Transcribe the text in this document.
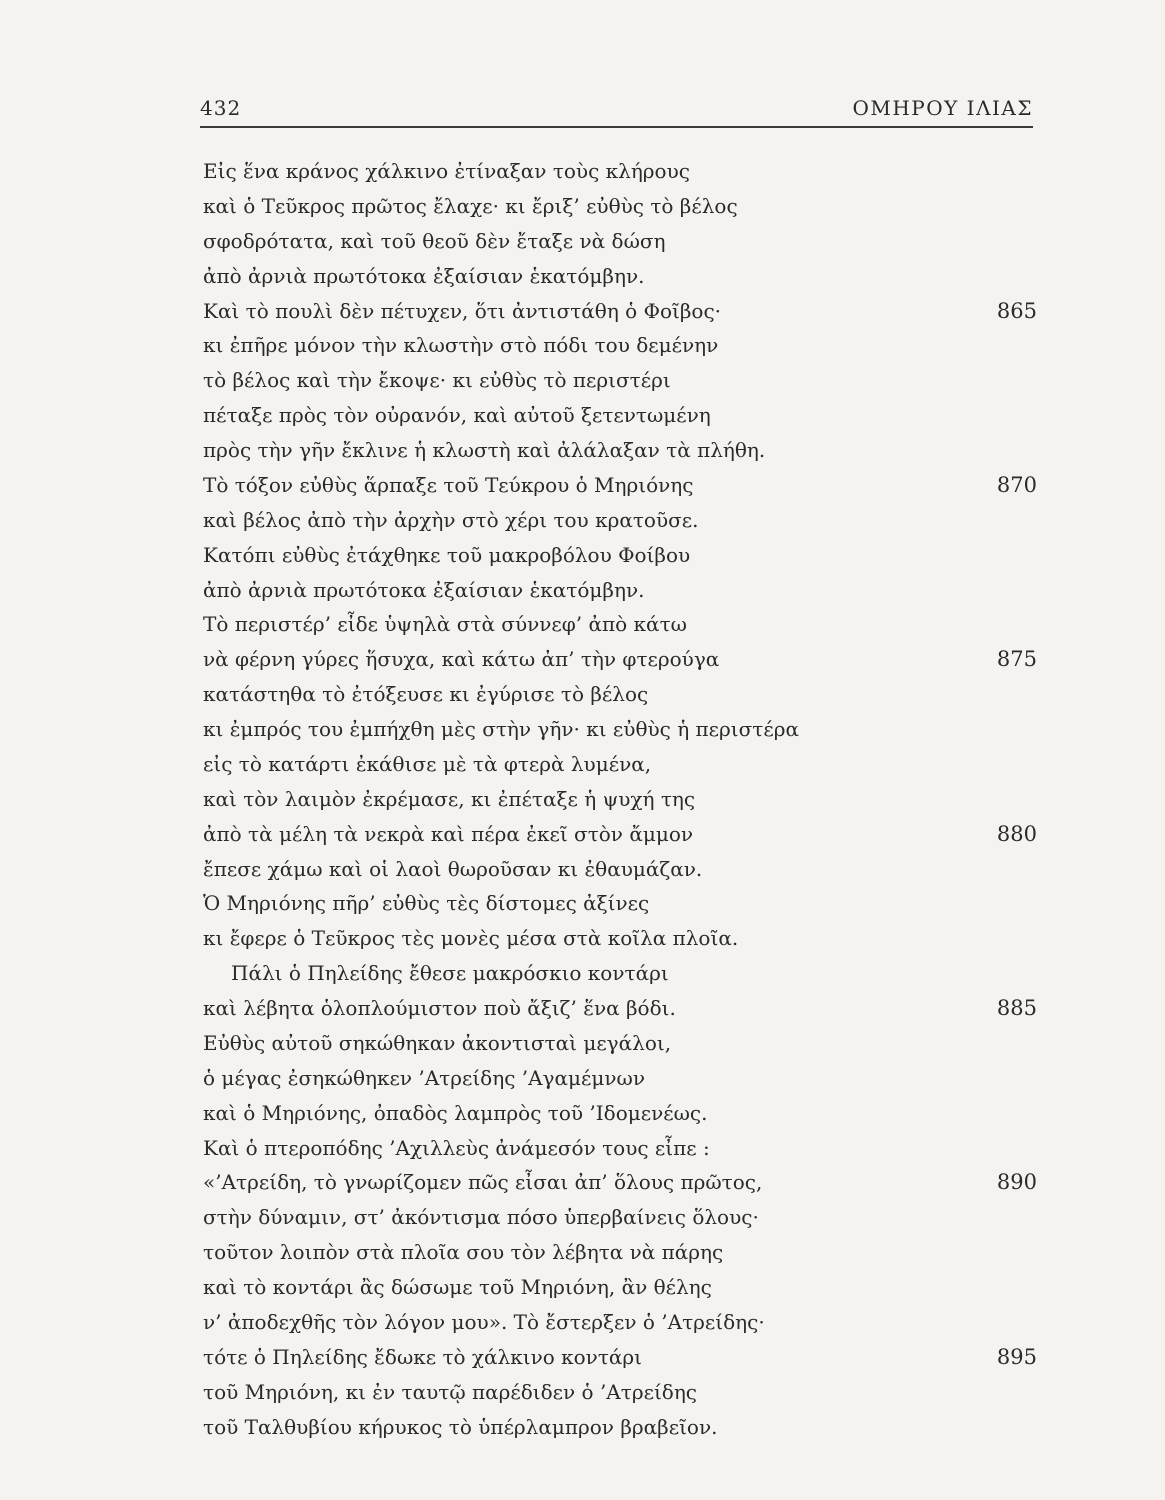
432	ΟΜΗΡΟΥ ΙΛΙΑΣ
Εἰς ἕνα κράνος χάλκινο ἐτίναξαν τοὺς κλήρους
καὶ ὁ Τεῦκρος πρῶτος ἔλαχε· κι ἔριξ’ εὐθὺς τὸ βέλος
σφοδρότατα, καὶ τοῦ θεοῦ δὲν ἔταξε νὰ δώση
ἀπὸ ἀρνιὰ πρωτότοκα ἐξαίσιαν ἑκατόμβην.
Καὶ τὸ πουλὶ δὲν πέτυχεν, ὅτι ἀντιστάθη ὁ Φοῖβος·	865
κι ἐπῆρε μόνον τὴν κλωστὴν στὸ πόδι του δεμένην
τὸ βέλος καὶ τὴν ἔκοψε· κι εὐθὺς τὸ περιστέρι
πέταξε πρὸς τὸν οὐρανόν, καὶ αὐτοῦ ξετεντωμένη
πρὸς τὴν γῆν ἔκλινε ἡ κλωστὴ καὶ ἀλάλαξαν τὰ πλήθη.
Τὸ τόξον εὐθὺς ἅρπαξε τοῦ Τεύκρου ὁ Μηριόνης	870
καὶ βέλος ἀπὸ τὴν ἀρχὴν στὸ χέρι του κρατοῦσε.
Κατόπι εὐθὺς ἐτάχθηκε τοῦ μακροβόλου Φοίβου
ἀπὸ ἀρνιὰ πρωτότοκα ἐξαίσιαν ἑκατόμβην.
Τὸ περιστέρ’ εἶδε ὑψηλὰ στὰ σύννεφ’ ἀπὸ κάτω
νὰ φέρνη γύρες ἥσυχα, καὶ κάτω ἀπ’ τὴν φτερούγα	875
κατάστηθα τὸ ἐτόξευσε κι ἐγύρισε τὸ βέλος
κι ἐμπρός του ἐμπήχθη μὲς στὴν γῆν· κι εὐθὺς ἡ περιστέρα
εἰς τὸ κατάρτι ἐκάθισε μὲ τὰ φτερὰ λυμένα,
καὶ τὸν λαιμὸν ἐκρέμασε, κι ἐπέταξε ἡ ψυχή της
ἀπὸ τὰ μέλη τὰ νεκρὰ καὶ πέρα ἐκεῖ στὸν ἄμμον	880
ἔπεσε χάμω καὶ οἱ λαοὶ θωροῦσαν κι ἐθαυμάζαν.
Ὁ Μηριόνης πῆρ’ εὐθὺς τὲς δίστομες ἀξίνες
κι ἔφερε ὁ Τεῦκρος τὲς μονὲς μέσα στὰ κοῖλα πλοῖα.
Πάλι ὁ Πηλείδης ἔθεσε μακρόσκιο κοντάρι
καὶ λέβητα ὁλοπλούμιστον ποὺ ἄξιζ’ ἕνα βόδι.	885
Εὐθὺς αὐτοῦ σηκώθηκαν ἀκοντισταὶ μεγάλοι,
ὁ μέγας ἐσηκώθηκεν ’Ατρείδης ’Αγαμέμνων
καὶ ὁ Μηριόνης, ὀπαδὸς λαμπρὸς τοῦ ’Ιδομενέως.
Καὶ ὁ πτεροπόδης ’Αχιλλεὺς ἀνάμεσόν τους εἶπε :
«’Ατρείδη, τὸ γνωρίζομεν πῶς εἶσαι ἀπ’ ὅλους πρῶτος,	890
στὴν δύναμιν, στ’ ἀκόντισμα πόσο ὑπερβαίνεις ὅλους·
τοῦτον λοιπὸν στὰ πλοῖα σου τὸν λέβητα νὰ πάρης
καὶ τὸ κοντάρι ἂς δώσωμε τοῦ Μηριόνη, ἂν θέλης
ν’ ἀποδεχθῆς τὸν λόγον μου». Τὸ ἔστερξεν ὁ ’Ατρείδης·
τότε ὁ Πηλείδης ἔδωκε τὸ χάλκινο κοντάρι	895
τοῦ Μηριόνη, κι ἐν ταυτῷ παρέδιδεν ὁ ’Ατρείδης
τοῦ Ταλθυβίου κήρυκος τὸ ὑπέρλαμπρον βραβεῖον.
